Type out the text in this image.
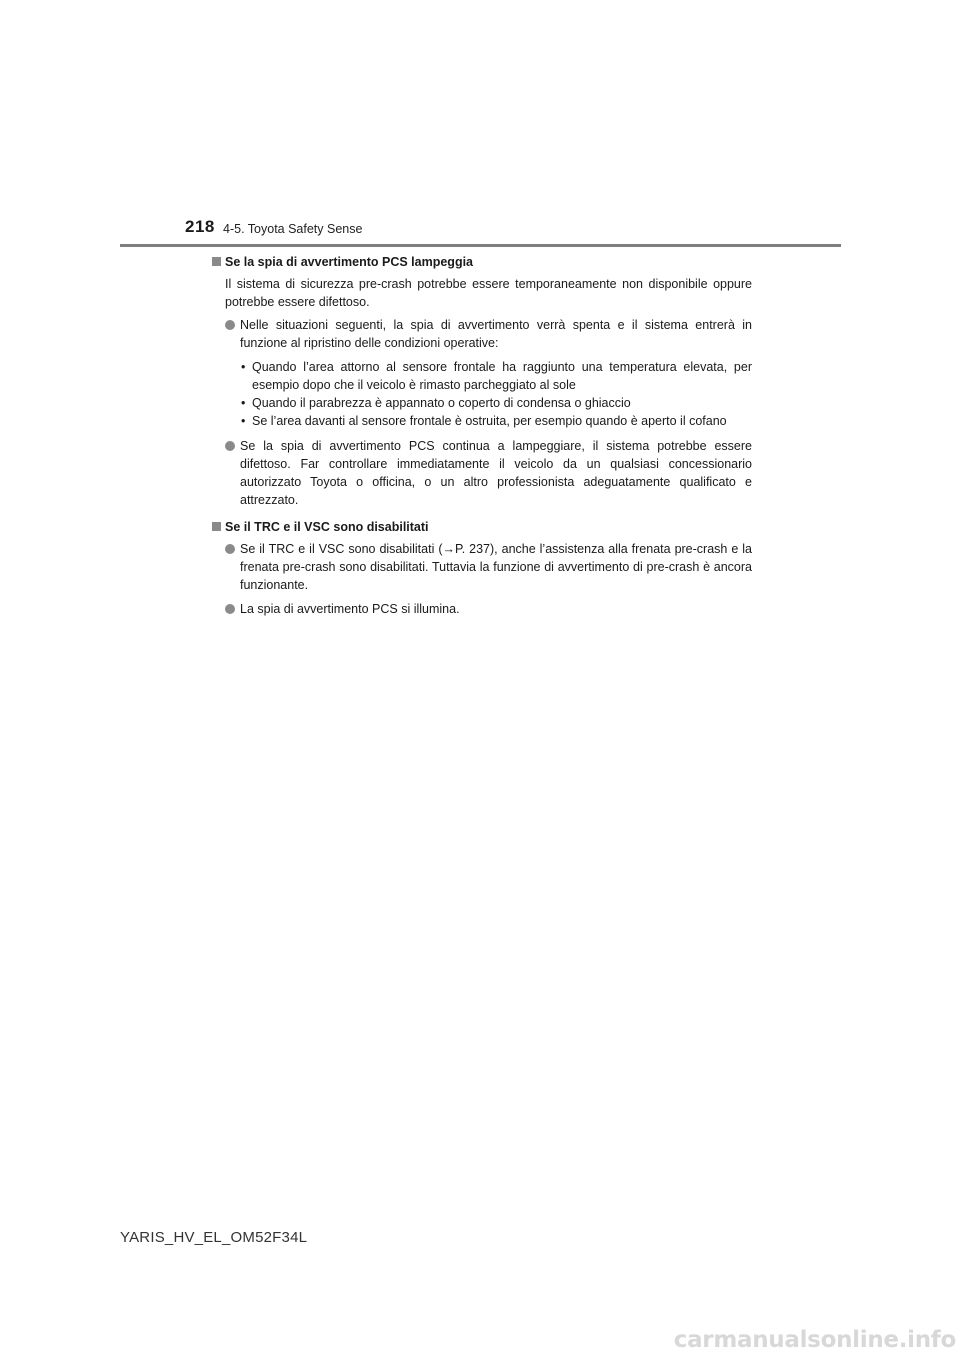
218 4-5. Toyota Safety Sense
Se la spia di avvertimento PCS lampeggia

Il sistema di sicurezza pre-crash potrebbe essere temporaneamente non disponibile oppure potrebbe essere difettoso.

Nelle situazioni seguenti, la spia di avvertimento verrà spenta e il sistema entrerà in funzione al ripristino delle condizioni operative:

• Quando l’area attorno al sensore frontale ha raggiunto una temperatura elevata, per esempio dopo che il veicolo è rimasto parcheggiato al sole

• Quando il parabrezza è appannato o coperto di condensa o ghiaccio

• Se l’area davanti al sensore frontale è ostruita, per esempio quando è aperto il cofano

Se la spia di avvertimento PCS continua a lampeggiare, il sistema potrebbe essere difettoso. Far controllare immediatamente il veicolo da un qualsiasi concessionario autorizzato Toyota o officina, o un altro professionista adeguatamente qualificato e attrezzato.
Se il TRC e il VSC sono disabilitati
Se il TRC e il VSC sono disabilitati (→P. 237), anche l’assistenza alla frenata pre-crash e la frenata pre-crash sono disabilitati. Tuttavia la funzione di avvertimento di pre-crash è ancora funzionante.
La spia di avvertimento PCS si illumina.
YARIS_HV_EL_OM52F34L
carmanualsonline.info
